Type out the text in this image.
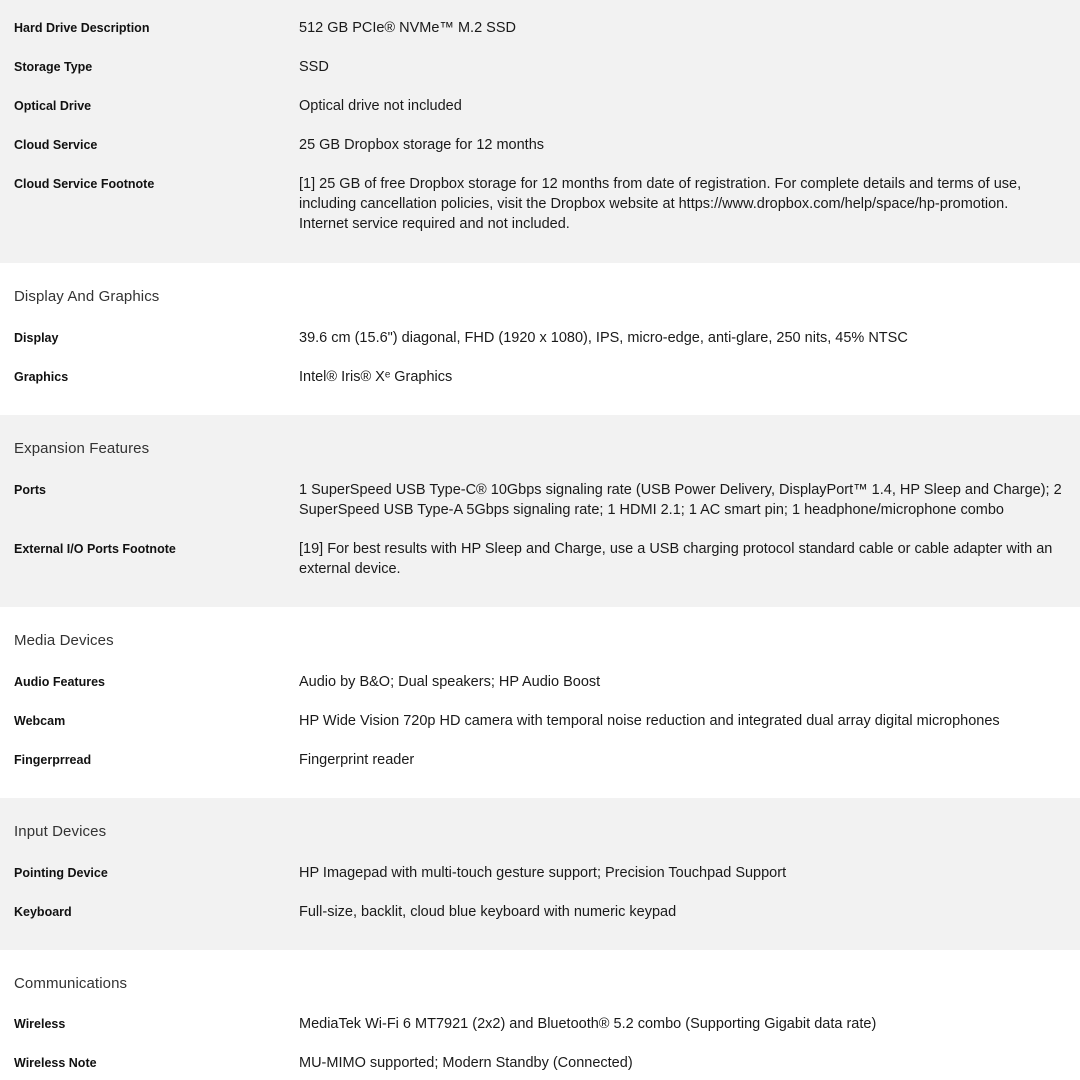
Hard Drive Description	512 GB PCIe® NVMe™ M.2 SSD
Storage Type	SSD
Optical Drive	Optical drive not included
Cloud Service	25 GB Dropbox storage for 12 months
Cloud Service Footnote	[1] 25 GB of free Dropbox storage for 12 months from date of registration. For complete details and terms of use, including cancellation policies, visit the Dropbox website at https://www.dropbox.com/help/space/hp-promotion. Internet service required and not included.
Display And Graphics
Display	39.6 cm (15.6") diagonal, FHD (1920 x 1080), IPS, micro-edge, anti-glare, 250 nits, 45% NTSC
Graphics	Intel® Iris® Xᵉ Graphics
Expansion Features
Ports	1 SuperSpeed USB Type-C® 10Gbps signaling rate (USB Power Delivery, DisplayPort™ 1.4, HP Sleep and Charge); 2 SuperSpeed USB Type-A 5Gbps signaling rate; 1 HDMI 2.1; 1 AC smart pin; 1 headphone/microphone combo
External I/O Ports Footnote	[19] For best results with HP Sleep and Charge, use a USB charging protocol standard cable or cable adapter with an external device.
Media Devices
Audio Features	Audio by B&O; Dual speakers; HP Audio Boost
Webcam	HP Wide Vision 720p HD camera with temporal noise reduction and integrated dual array digital microphones
Fingerprread	Fingerprint reader
Input Devices
Pointing Device	HP Imagepad with multi-touch gesture support; Precision Touchpad Support
Keyboard	Full-size, backlit, cloud blue keyboard with numeric keypad
Communications
Wireless	MediaTek Wi-Fi 6 MT7921 (2x2) and Bluetooth® 5.2 combo (Supporting Gigabit data rate)
Wireless Note	MU-MIMO supported; Modern Standby (Connected)
